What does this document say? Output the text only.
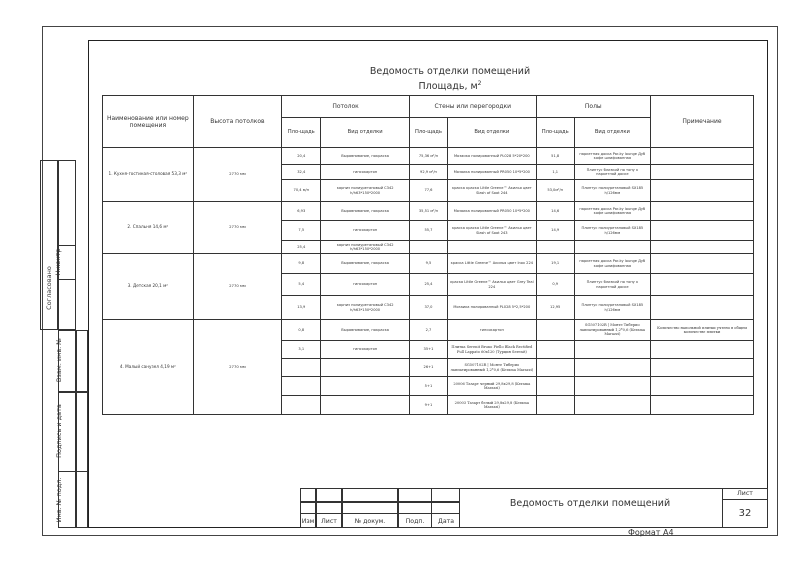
Ведомость отделки помещений
Площадь, $м^2$
Наименование или номер помещения	Высота потолков	Потолок		Стены или перегородки		Полы		Примечание
		Пло-щадь	Вид отделки	Пло-щадь	Вид отделки	Пло-щадь	Вид отделки	
1. Кухня-гостиная-столовая 53,3 м²	2770 мм	20,4	Выравнивание, покраска	75,36 м²/п	Мозаика полированный PL028 5*20*200	51,8	паркетная доска Par-ky lounge Дуб кофе шлифованная	
		32,4	гипсокартон	92,9 м²/п	Мозаика полированный PR050 10*5*200	1,1	Плинтус близкий по тону к паркетной доске	
		70,4 м/п	карниз полиуретановый С342 h/h63*150*2000	77,6	краска краска Little Greene™ Акилья цвет Slash of Soot 244	53,0м²/п	Плинтус полиуретановый SX185 h/126мм	
2. Спальня 14,6 м²	2770 мм	6,93	Выравнивание, покраска	35,51 м²/п	Мозаика полированный PR050 10*5*200	14,6	паркетная доска Par-ky lounge Дуб кофе шлифованная	
		7,5	гипсокартон	55,7	краска краска Little Greene™ Акилья цвет Slash of Soot 243	14,9	Плинтус полиуретановый SX185 h/126мм	
		25,4	карниз полиуретановый С342 h/h63*150*2000					
3. Детская 20,1 м²	2770 мм	9,8	Выравнивание, покраска	9,5	краска Little Greene™ Акилья цвет Inox 224	19,1	паркетная доска Par-ky lounge Дуб кофе шлифованная	
		5,4	гипсокартон	25,4	краска Little Greene™ Акилья цвет Grey Teal 224	0,9	Плинтус близкий по тону к паркетной доске	
		13,9	карниз полиуретановый С342 h/h63*150*2000	37,0	Мозаика полированный PL028 5*2,5*200	12,95	Плинтус полиуретановый SX185 h/126мм	
4. Малый санузел 4,19 м²	2770 мм	0,8	Выравнивание, покраска	2,7	гипсокартон		SG507102R | Монте Тиберио лаппатированный 1,2*0,6 (Kerama Marazzi)	Количество напольной плитки учтено в общем количестве плитки
		3,1	гипсокартон	35+1	Плитка Serenit Bruno Piello Black Rectified Full Lappato 60x120 (Турция Serenit)			
				26+1	SG507102R | Монте Тиберио лаппатированный 1,2*0,6 (Kerama Marazzi)			
				5+1	20006 Тазарт черный 29,8x29,8 (Kerama Marazzi)			
				9+1	20003 Тазарт белый 29,8x29,8 (Kerama Marazzi)			
Согласовано
Н.контр
Взам. инв. №
Подпись и дата
Инв. № подл.	Изм	Лист	№ докум.	Подп.	Дата
Ведомость отделки помещений
Лист
32
Формат А4
